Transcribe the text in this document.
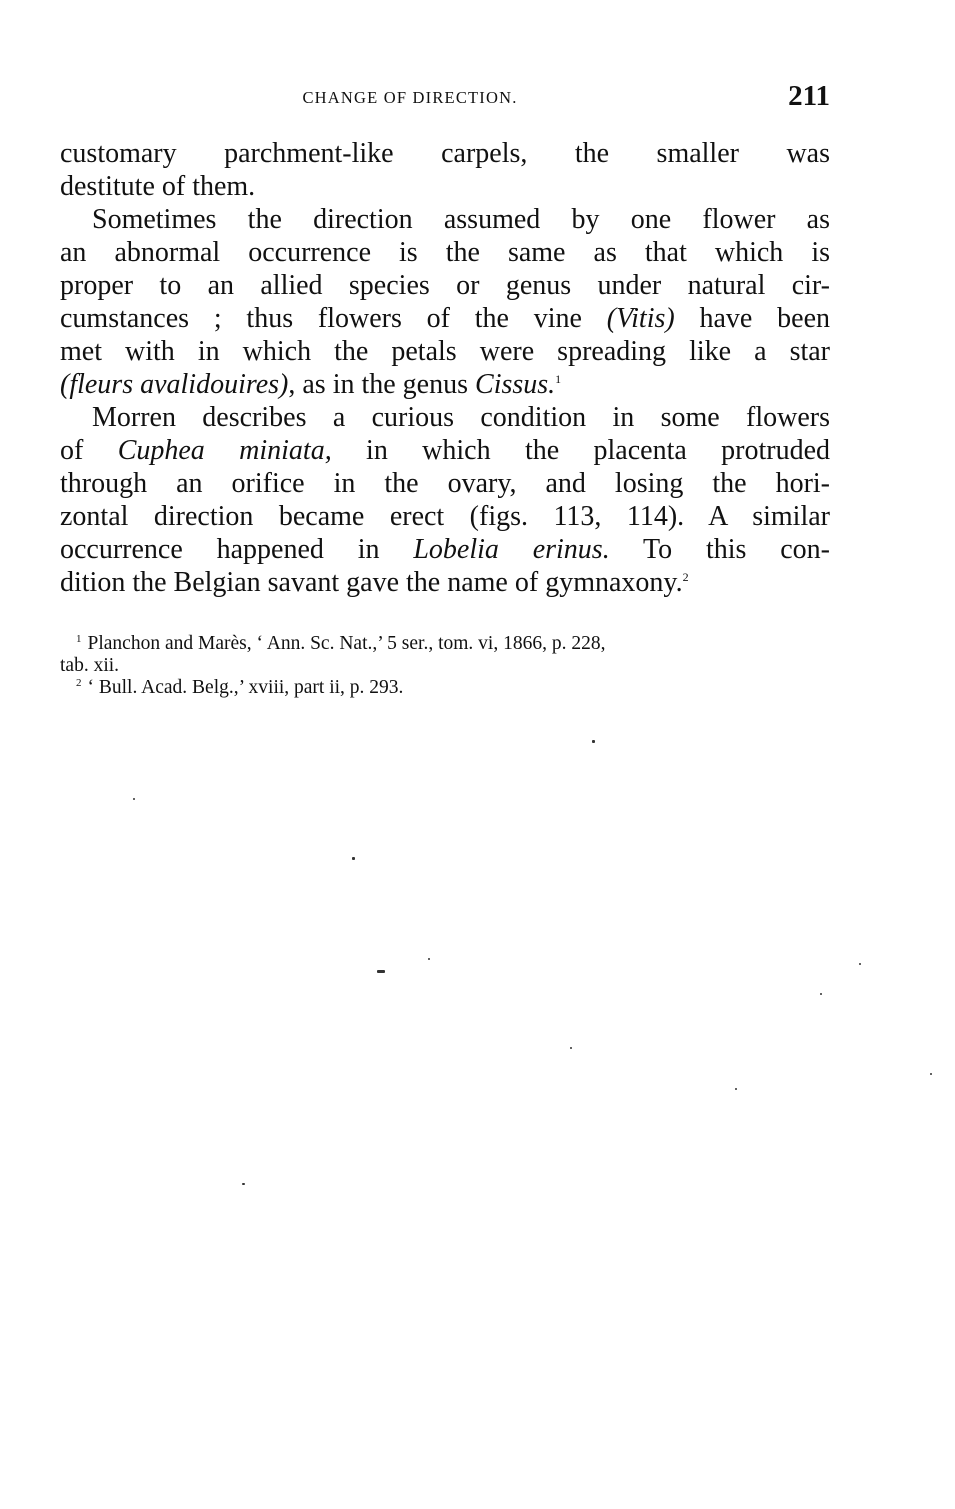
CHANGE OF DIRECTION.	211
customary parchment-like carpels, the smaller was
destitute of them.
Sometimes the direction assumed by one flower as
an abnormal occurrence is the same as that which is
proper to an allied species or genus under natural cir-
cumstances ; thus flowers of the vine (Vitis) have been
met with in which the petals were spreading like a star
(fleurs avalidouires), as in the genus Cissus.$^1$
Morren describes a curious condition in some flowers
of Cuphea miniata, in which the placenta protruded
through an orifice in the ovary, and losing the hori-
zontal direction became erect (figs. 113, 114). A similar
occurrence happened in Lobelia erinus. To this con-
dition the Belgian savant gave the name of gymnaxony.$^2$
$^1$ Planchon and Marès, ‘ Ann. Sc. Nat.,’ 5 ser., tom. vi, 1866, p. 228,
tab. xii.
$^2$ ‘ Bull. Acad. Belg.,’ xviii, part ii, p. 293.
